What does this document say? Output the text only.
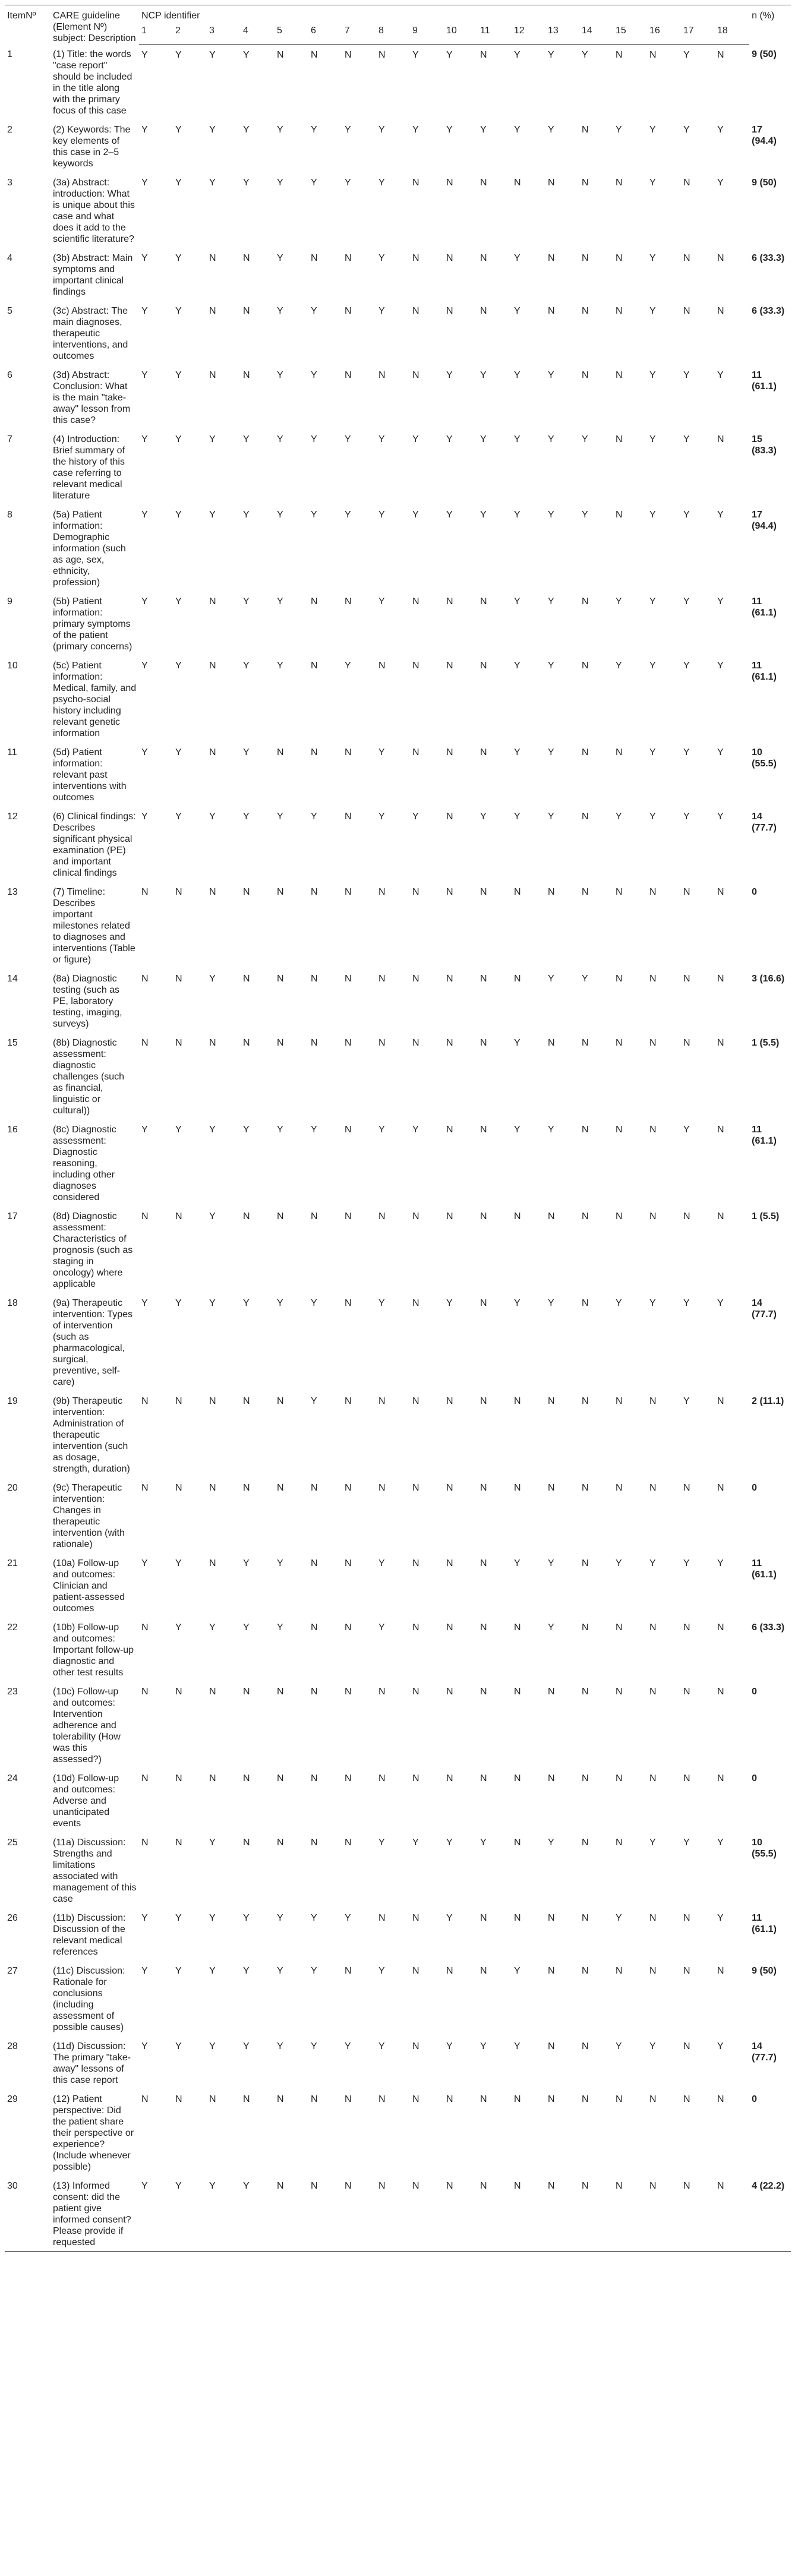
ItemNº	CARE guideline (Element Nº) subject: Description	NCP identifier																		n (%)
		1	2	3	4	5	6	7	8	9	10	11	12	13	14	15	16	17	18	
1	(1) Title: the words "case report" should be included in the title along with the primary focus of this case	Y	Y	Y	Y	N	N	N	N	Y	Y	N	Y	Y	Y	N	N	Y	N	9 (50)
2	(2) Keywords: The key elements of this case in 2–5 keywords	Y	Y	Y	Y	Y	Y	Y	Y	Y	Y	Y	Y	Y	N	Y	Y	Y	Y	17 (94.4)
3	(3a) Abstract: introduction: What is unique about this case and what does it add to the scientific literature?	Y	Y	Y	Y	Y	Y	Y	Y	N	N	N	N	N	N	N	Y	N	Y	9 (50)
4	(3b) Abstract: Main symptoms and important clinical findings	Y	Y	N	N	Y	N	N	Y	N	N	N	Y	N	N	N	Y	N	N	6 (33.3)
5	(3c) Abstract: The main diagnoses, therapeutic interventions, and outcomes	Y	Y	N	N	Y	Y	N	Y	N	N	N	Y	N	N	N	Y	N	N	6 (33.3)
6	(3d) Abstract: Conclusion: What is the main "take-away" lesson from this case?	Y	Y	N	N	Y	Y	N	N	N	Y	Y	Y	Y	N	N	Y	Y	Y	11 (61.1)
7	(4) Introduction: Brief summary of the history of this case referring to relevant medical literature	Y	Y	Y	Y	Y	Y	Y	Y	Y	Y	Y	Y	Y	Y	N	Y	Y	N	15 (83.3)
8	(5a) Patient information: Demographic information (such as age, sex, ethnicity, profession)	Y	Y	Y	Y	Y	Y	Y	Y	Y	Y	Y	Y	Y	Y	N	Y	Y	Y	17 (94.4)
9	(5b) Patient information: primary symptoms of the patient (primary concerns)	Y	Y	N	Y	Y	N	N	Y	N	N	N	Y	Y	N	Y	Y	Y	Y	11 (61.1)
10	(5c) Patient information: Medical, family, and psycho-social history including relevant genetic information	Y	Y	N	Y	Y	N	Y	N	N	N	N	Y	Y	N	Y	Y	Y	Y	11 (61.1)
11	(5d) Patient information: relevant past interventions with outcomes	Y	Y	N	Y	N	N	N	Y	N	N	N	Y	Y	N	N	Y	Y	Y	10 (55.5)
12	(6) Clinical findings: Describes significant physical examination (PE) and important clinical findings	Y	Y	Y	Y	Y	Y	N	Y	Y	N	Y	Y	Y	N	Y	Y	Y	Y	14 (77.7)
13	(7) Timeline: Describes important milestones related to diagnoses and interventions (Table or figure)	N	N	N	N	N	N	N	N	N	N	N	N	N	N	N	N	N	N	0
14	(8a) Diagnostic testing (such as PE, laboratory testing, imaging, surveys)	N	N	Y	N	N	N	N	N	N	N	N	N	Y	Y	N	N	N	N	3 (16.6)
15	(8b) Diagnostic assessment: diagnostic challenges (such as financial, linguistic or cultural))	N	N	N	N	N	N	N	N	N	N	N	Y	N	N	N	N	N	N	1 (5.5)
16	(8c) Diagnostic assessment: Diagnostic reasoning, including other diagnoses considered	Y	Y	Y	Y	Y	Y	N	Y	Y	N	N	Y	Y	N	N	N	Y	N	11 (61.1)
17	(8d) Diagnostic assessment: Characteristics of prognosis (such as staging in oncology) where applicable	N	N	Y	N	N	N	N	N	N	N	N	N	N	N	N	N	N	N	1 (5.5)
18	(9a) Therapeutic intervention: Types of intervention (such as pharmacological, surgical, preventive, self-care)	Y	Y	Y	Y	Y	Y	N	Y	N	Y	N	Y	Y	N	Y	Y	Y	Y	14 (77.7)
19	(9b) Therapeutic intervention: Administration of therapeutic intervention (such as dosage, strength, duration)	N	N	N	N	N	Y	N	N	N	N	N	N	N	N	N	N	Y	N	2 (11.1)
20	(9c) Therapeutic intervention: Changes in therapeutic intervention (with rationale)	N	N	N	N	N	N	N	N	N	N	N	N	N	N	N	N	N	N	0
21	(10a) Follow-up and outcomes: Clinician and patient-assessed outcomes	Y	Y	N	Y	Y	N	N	Y	N	N	N	Y	Y	N	Y	Y	Y	Y	11 (61.1)
22	(10b) Follow-up and outcomes: Important follow-up diagnostic and other test results	N	Y	Y	Y	Y	N	N	Y	N	N	N	N	Y	N	N	N	N	N	6 (33.3)
23	(10c) Follow-up and outcomes: Intervention adherence and tolerability (How was this assessed?)	N	N	N	N	N	N	N	N	N	N	N	N	N	N	N	N	N	N	0
24	(10d) Follow-up and outcomes: Adverse and unanticipated events	N	N	N	N	N	N	N	N	N	N	N	N	N	N	N	N	N	N	0
25	(11a) Discussion: Strengths and limitations associated with management of this case	N	N	Y	N	N	N	N	Y	Y	Y	Y	N	Y	N	N	Y	Y	Y	10 (55.5)
26	(11b) Discussion: Discussion of the relevant medical references	Y	Y	Y	Y	Y	Y	Y	N	N	Y	N	N	N	N	Y	N	N	Y	11 (61.1)
27	(11c) Discussion: Rationale for conclusions (including assessment of possible causes)	Y	Y	Y	Y	Y	Y	N	Y	N	N	N	Y	N	N	N	N	N	N	9 (50)
28	(11d) Discussion: The primary "take-away" lessons of this case report	Y	Y	Y	Y	Y	Y	Y	Y	N	Y	Y	Y	N	N	Y	Y	N	Y	14 (77.7)
29	(12) Patient perspective: Did the patient share their perspective or experience? (Include whenever possible)	N	N	N	N	N	N	N	N	N	N	N	N	N	N	N	N	N	N	0
30	(13) Informed consent: did the patient give informed consent? Please provide if requested	Y	Y	Y	Y	N	N	N	N	N	N	N	N	N	N	N	N	N	N	4 (22.2)
